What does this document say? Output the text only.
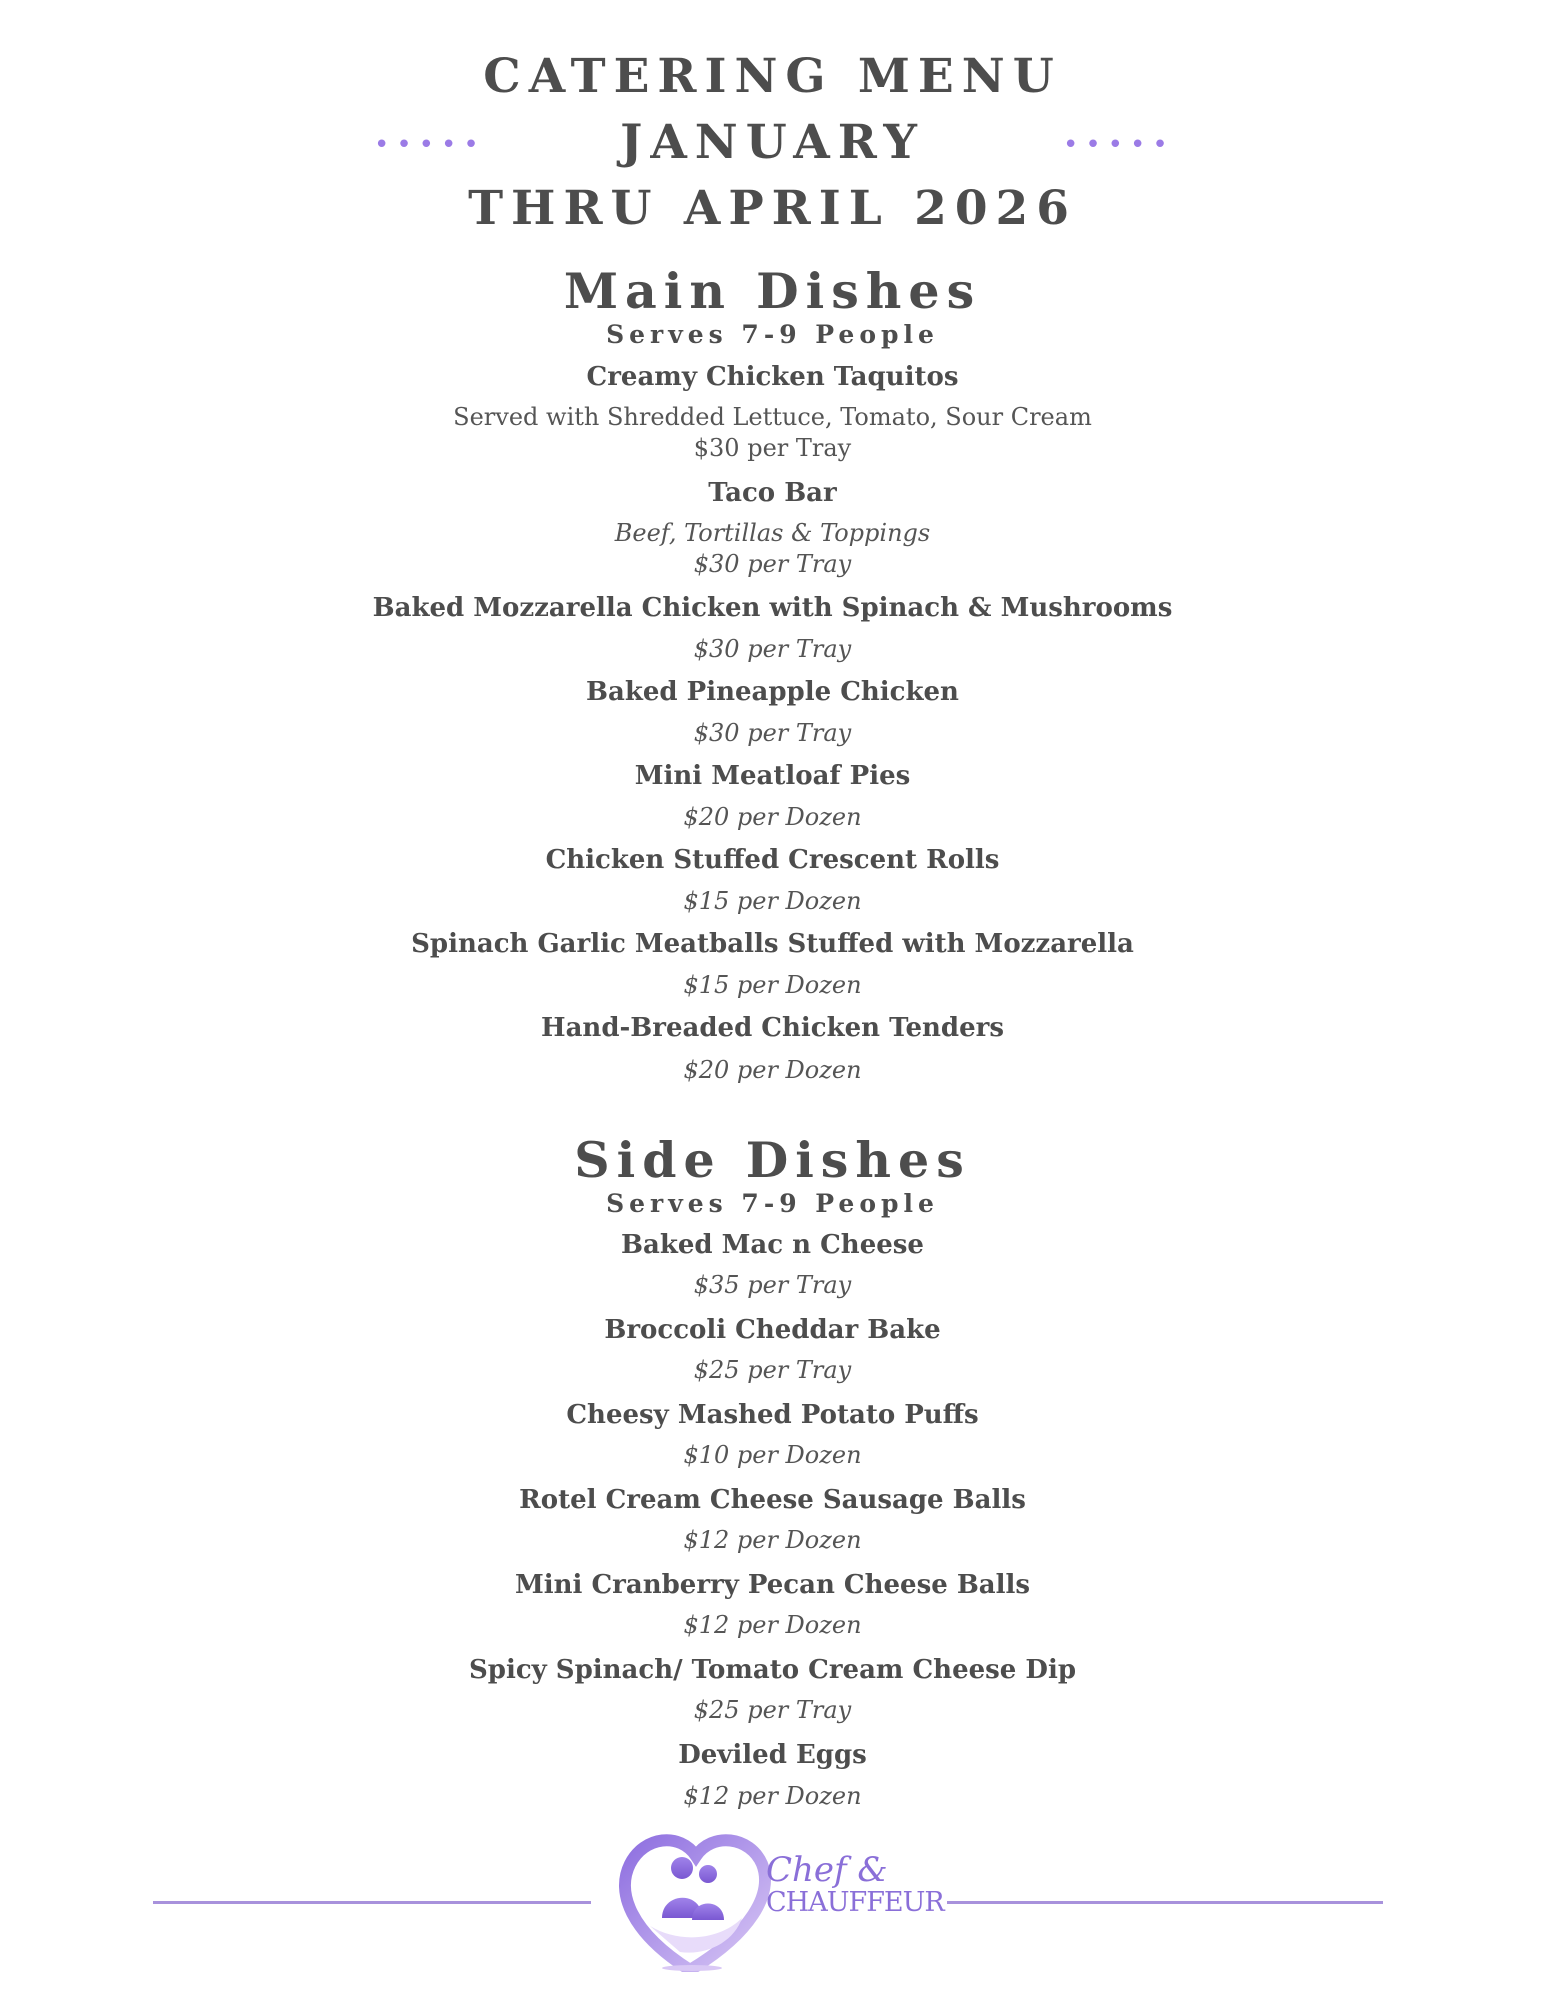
CATERING MENU
JANUARY
THRU APRIL 2026
•••••	•••••
Main Dishes
Serves 7-9 People
Creamy Chicken Taquitos
Served with Shredded Lettuce, Tomato, Sour Cream
$30 per Tray
Taco Bar
Beef, Tortillas & Toppings
$30 per Tray
Baked Mozzarella Chicken with Spinach & Mushrooms
$30 per Tray
Baked Pineapple Chicken
$30 per Tray
Mini Meatloaf Pies
$20 per Dozen
Chicken Stuffed Crescent Rolls
$15 per Dozen
Spinach Garlic Meatballs Stuffed with Mozzarella
$15 per Dozen
Hand-Breaded Chicken Tenders
$20 per Dozen
Side Dishes
Serves 7-9 People
Baked Mac n Cheese
$35 per Tray
Broccoli Cheddar Bake
$25 per Tray
Cheesy Mashed Potato Puffs
$10 per Dozen
Rotel Cream Cheese Sausage Balls
$12 per Dozen
Mini Cranberry Pecan Cheese Balls
$12 per Dozen
Spicy Spinach/ Tomato Cream Cheese Dip
$25 per Tray
Deviled Eggs
$12 per Dozen
Chef &
CHAUFFEUR
